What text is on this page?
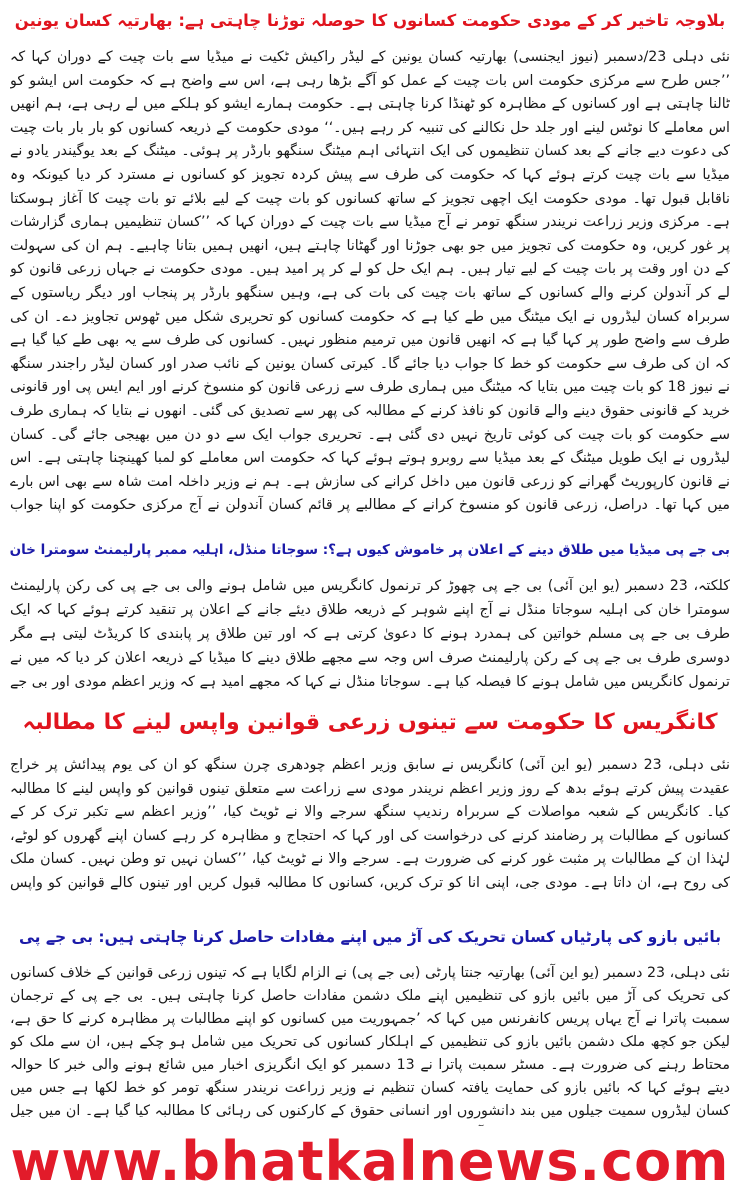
بلاوجہ تاخیر کر کے مودی حکومت کسانوں کا حوصلہ توڑنا چاہتی ہے: بھارتیہ کسان یونین

نئی دہلی 23/دسمبر (نیوز ایجنسی) بھارتیہ کسان یونین کے لیڈر راکیش ٹکیت نے میڈیا سے بات چیت کے دوران کہا کہ ’’جس طرح سے مرکزی حکومت اس بات چیت کے عمل کو آگے بڑھا رہی ہے، اس سے واضح ہے کہ حکومت اس ایشو کو ٹالنا چاہتی ہے اور کسانوں کے مظاہرہ کو ٹھنڈا کرنا چاہتی ہے۔ حکومت ہمارے ایشو کو ہلکے میں لے رہی ہے، ہم انھیں اس معاملے کا نوٹس لینے اور جلد حل نکالنے کی تنبیہ کر رہے ہیں۔‘‘ مودی حکومت کے ذریعہ کسانوں کو بار بار بات چیت کی دعوت دیے جانے کے بعد کسان تنظیموں کی ایک انتہائی اہم میٹنگ سنگھو بارڈر پر ہوئی۔ میٹنگ کے بعد یوگیندر یادو نے میڈیا سے بات چیت کرتے ہوئے کہا کہ حکومت کی طرف سے پیش کردہ تجویز کو کسانوں نے مسترد کر دیا کیونکہ وہ ناقابل قبول تھا۔ مودی حکومت ایک اچھی تجویز کے ساتھ کسانوں کو بات چیت کے لیے بلائے تو بات چیت کا آغاز ہوسکتا ہے۔ مرکزی وزیر زراعت نریندر سنگھ تومر نے آج میڈیا سے بات چیت کے دوران کہا کہ ’’کسان تنظیمیں ہماری گزارشات پر غور کریں، وہ حکومت کی تجویز میں جو بھی جوڑنا اور گھٹانا چاہتے ہیں، انھیں ہمیں بتانا چاہیے۔ ہم ان کی سہولت کے دن اور وقت پر بات چیت کے لیے تیار ہیں۔ ہم ایک حل کو لے کر پر امید ہیں۔ مودی حکومت نے جہاں زرعی قانون کو لے کر آندولن کرنے والے کسانوں کے ساتھ بات چیت کی بات کی ہے، وہیں سنگھو بارڈر پر پنجاب اور دیگر ریاستوں کے سربراہ کسان لیڈروں نے ایک میٹنگ میں طے کیا ہے کہ حکومت کسانوں کو تحریری شکل میں ٹھوس تجاویز دے۔ ان کی طرف سے واضح طور پر کہا گیا ہے کہ انھیں قانون میں ترمیم منظور نہیں۔ کسانوں کی طرف سے یہ بھی طے کیا گیا ہے کہ ان کی طرف سے حکومت کو خط کا جواب دیا جائے گا۔ کیرتی کسان یونین کے نائب صدر اور کسان لیڈر راجندر سنگھ نے نیوز 18 کو بات چیت میں بتایا کہ میٹنگ میں ہماری طرف سے زرعی قانون کو منسوخ کرنے اور ایم ایس پی اور قانونی خرید کے قانونی حقوق دینے والے قانون کو نافذ کرنے کے مطالبہ کی پھر سے تصدیق کی گئی۔ انھوں نے بتایا کہ ہماری طرف سے حکومت کو بات چیت کی کوئی تاریخ نہیں دی گئی ہے۔ تحریری جواب ایک سے دو دن میں بھیجی جائے گی۔ کسان لیڈروں نے ایک طویل میٹنگ کے بعد میڈیا سے روبرو ہوتے ہوئے کہا کہ حکومت اس معاملے کو لمبا کھینچنا چاہتی ہے۔ اس نے قانون کارپوریٹ گھرانے کو زرعی قانون میں داخل کرانے کی سازش ہے۔ ہم نے وزیر داخلہ امت شاہ سے بھی اس بارے میں کہا تھا۔ دراصل، زرعی قانون کو منسوخ کرانے کے مطالبے پر قائم کسان آندولن نے آج مرکزی حکومت کو اپنا جواب

بی جے پی میڈیا میں طلاق دینے کے اعلان پر خاموش کیوں ہے؟: سوجاتا منڈل، اہلیہ ممبر پارلیمنٹ سومترا خان

کلکتہ، 23 دسمبر (یو این آئی) بی جے پی چھوڑ کر ترنمول کانگریس میں شامل ہونے والی بی جے پی کی رکن پارلیمنٹ سومترا خان کی اہلیہ سوجاتا منڈل نے آج اپنے شوہر کے ذریعہ طلاق دیئے جانے کے اعلان پر تنقید کرتے ہوئے کہا کہ ایک طرف بی جے پی مسلم خواتین کی ہمدرد ہونے کا دعویٰ کرتی ہے کہ اور تین طلاق پر پابندی کا کریڈٹ لیتی ہے مگر دوسری طرف بی جے پی کے رکن پارلیمنٹ صرف اس وجہ سے مجھے طلاق دینے کا میڈیا کے ذریعہ اعلان کر دیا کہ میں نے ترنمول کانگریس میں شامل ہونے کا فیصلہ کیا ہے۔ سوجاتا منڈل نے کہا کہ مجھے امید ہے کہ وزیر اعظم مودی اور بی جے

کانگریس کا حکومت سے تینوں زرعی قوانین واپس لینے کا مطالبہ

نئی دہلی، 23 دسمبر (یو این آئی) کانگریس نے سابق وزیر اعظم چودھری چرن سنگھ کو ان کی یوم پیدائش پر خراج عقیدت پیش کرتے ہوئے بدھ کے روز وزیر اعظم نریندر مودی سے زراعت سے متعلق تینوں قوانین کو واپس لینے کا مطالبہ کیا۔ کانگریس کے شعبہ مواصلات کے سربراہ رندیپ سنگھ سرجے والا نے ٹویٹ کیا، ’’وزیر اعظم سے تکبر ترک کر کے کسانوں کے مطالبات پر رضامند کرنے کی درخواست کی اور کہا کہ احتجاج و مظاہرہ کر رہے کسان اپنے گھروں کو لوٹے، لہٰذا ان کے مطالبات پر مثبت غور کرنے کی ضرورت ہے۔ سرجے والا نے ٹویٹ کیا، ’’کسان نہیں تو وطن نہیں۔ کسان ملک کی روح ہے، ان داتا ہے۔ مودی جی، اپنی انا کو ترک کریں، کسانوں کا مطالبہ قبول کریں اور تینوں کالے قوانین کو واپس

بائیں بازو کی پارٹیاں کسان تحریک کی آڑ میں اپنے مفادات حاصل کرنا چاہتی ہیں: بی جے پی

نئی دہلی، 23 دسمبر (یو این آئی) بھارتیہ جنتا پارٹی (بی جے پی) نے الزام لگایا ہے کہ تینوں زرعی قوانین کے خلاف کسانوں کی تحریک کی آڑ میں بائیں بازو کی تنظیمیں اپنے ملک دشمن مفادات حاصل کرنا چاہتی ہیں۔ بی جے پی کے ترجمان سمبت پاترا نے آج یہاں پریس کانفرنس میں کہا کہ ’جمہوریت میں کسانوں کو اپنے مطالبات پر مظاہرہ کرنے کا حق ہے، لیکن جو کچھ ملک دشمن بائیں بازو کی تنظیمیں کے اہلکار کسانوں کی تحریک میں شامل ہو چکے ہیں، ان سے ملک کو محتاط رہنے کی ضرورت ہے۔ مسٹر سمبت پاترا نے 13 دسمبر کو ایک انگریزی اخبار میں شائع ہونے والی خبر کا حوالہ دیتے ہوئے کہا کہ بائیں بازو کی حمایت یافتہ کسان تنظیم نے وزیر زراعت نریندر سنگھ تومر کو خط لکھا ہے جس میں کسان لیڈروں سمیت جیلوں میں بند دانشوروں اور انسانی حقوق کے کارکنوں کی رہائی کا مطالبہ کیا گیا ہے۔ ان میں جیل

www.bhatkalnews.com
